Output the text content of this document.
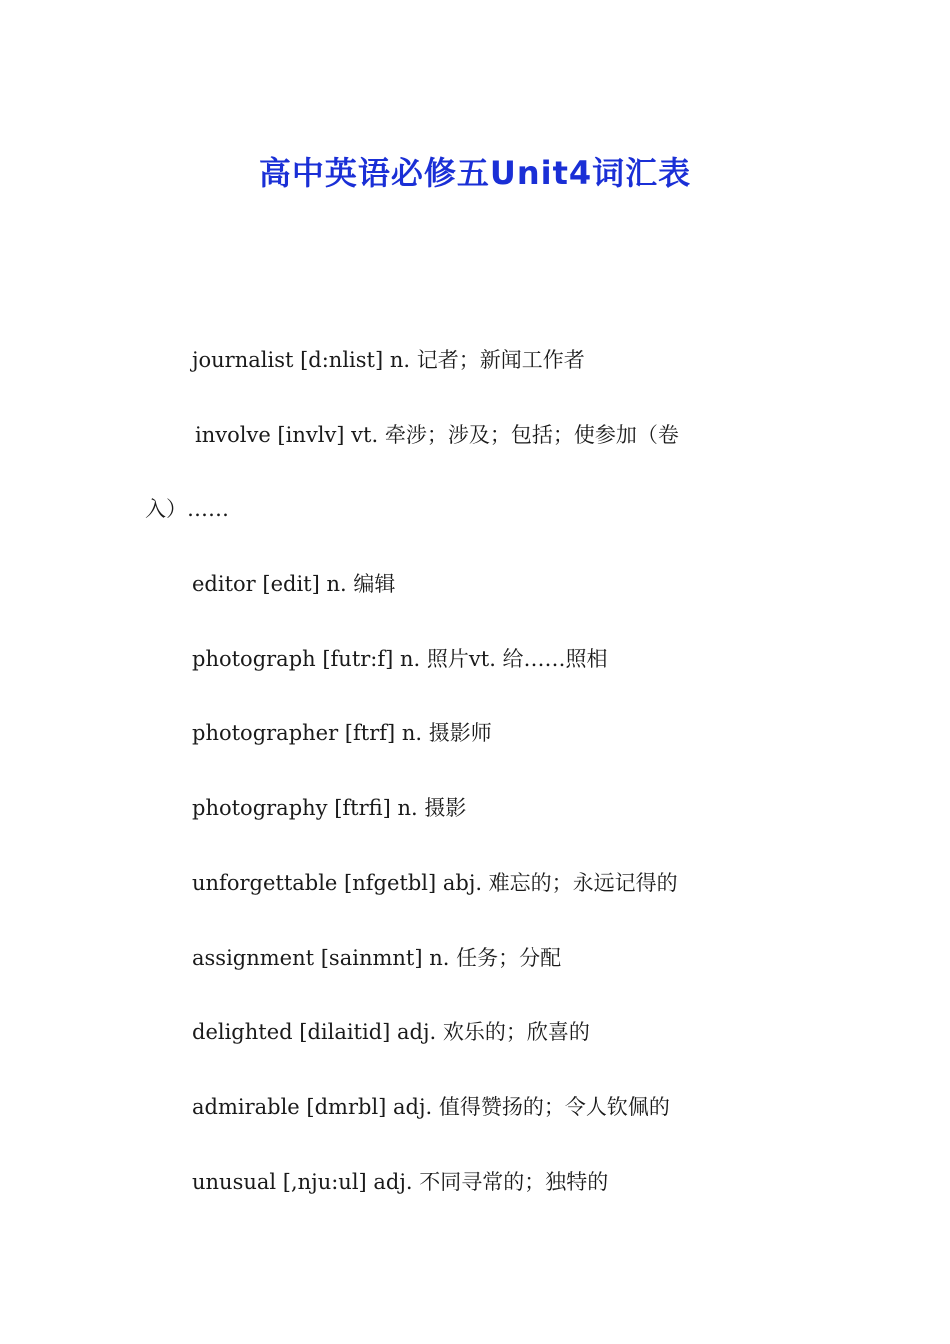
高中英语必修五Unit4词汇表
journalist [d:nlist] n. 记者；新闻工作者
involve [invlv] vt. 牵涉；涉及；包括；使参加（卷
入）……
editor [edit] n. 编辑
photograph [futr:f] n. 照片vt. 给……照相
photographer [ftrf] n. 摄影师
photography [ftrfi] n. 摄影
unforgettable [nfgetbl] abj. 难忘的；永远记得的
assignment [sainmnt] n. 任务；分配
delighted [dilaitid] adj. 欢乐的；欣喜的
admirable [dmrbl] adj. 值得赞扬的；令人钦佩的
unusual [,nju:ul] adj. 不同寻常的；独特的
